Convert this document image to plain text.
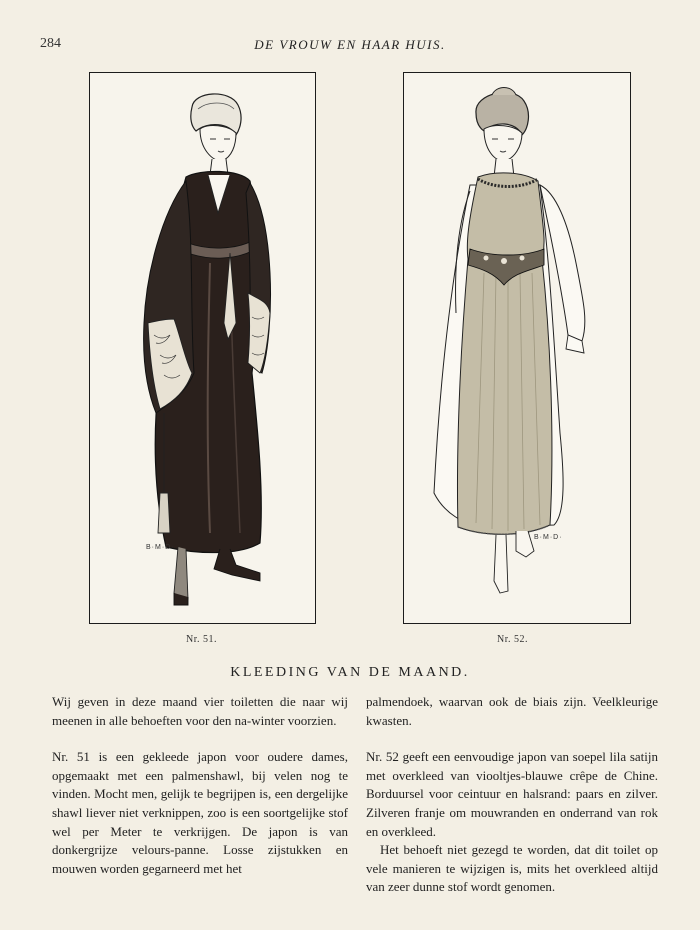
284	DE VROUW EN HAAR HUIS.
B·M·D·
B·M·D·
Nr. 51.	Nr. 52.
KLEEDING VAN DE MAAND.

Wij geven in deze maand vier toiletten die naar wij meenen in alle behoeften voor den na-winter voorzien.

Nr. 51 is een gekleede japon voor oudere dames, opgemaakt met een palmenshawl, bij velen nog te vinden. Mocht men, gelijk te begrijpen is, een dergelijke shawl liever niet verknippen, zoo is een soortgelijke stof wel per Meter te verkrijgen. De japon is van donkergrijze velours-panne. Losse zijstukken en mouwen worden gegarneerd met het

palmendoek, waarvan ook de biais zijn. Veelkleurige kwasten.

Nr. 52 geeft een eenvoudige japon van soepel lila satijn met overkleed van viooltjes-blauwe crêpe de Chine. Borduursel voor ceintuur en halsrand: paars en zilver. Zilveren franje om mouwranden en onderrand van rok en overkleed.

Het behoeft niet gezegd te worden, dat dit toilet op vele manieren te wijzigen is, mits het overkleed altijd van zeer dunne stof wordt genomen.
